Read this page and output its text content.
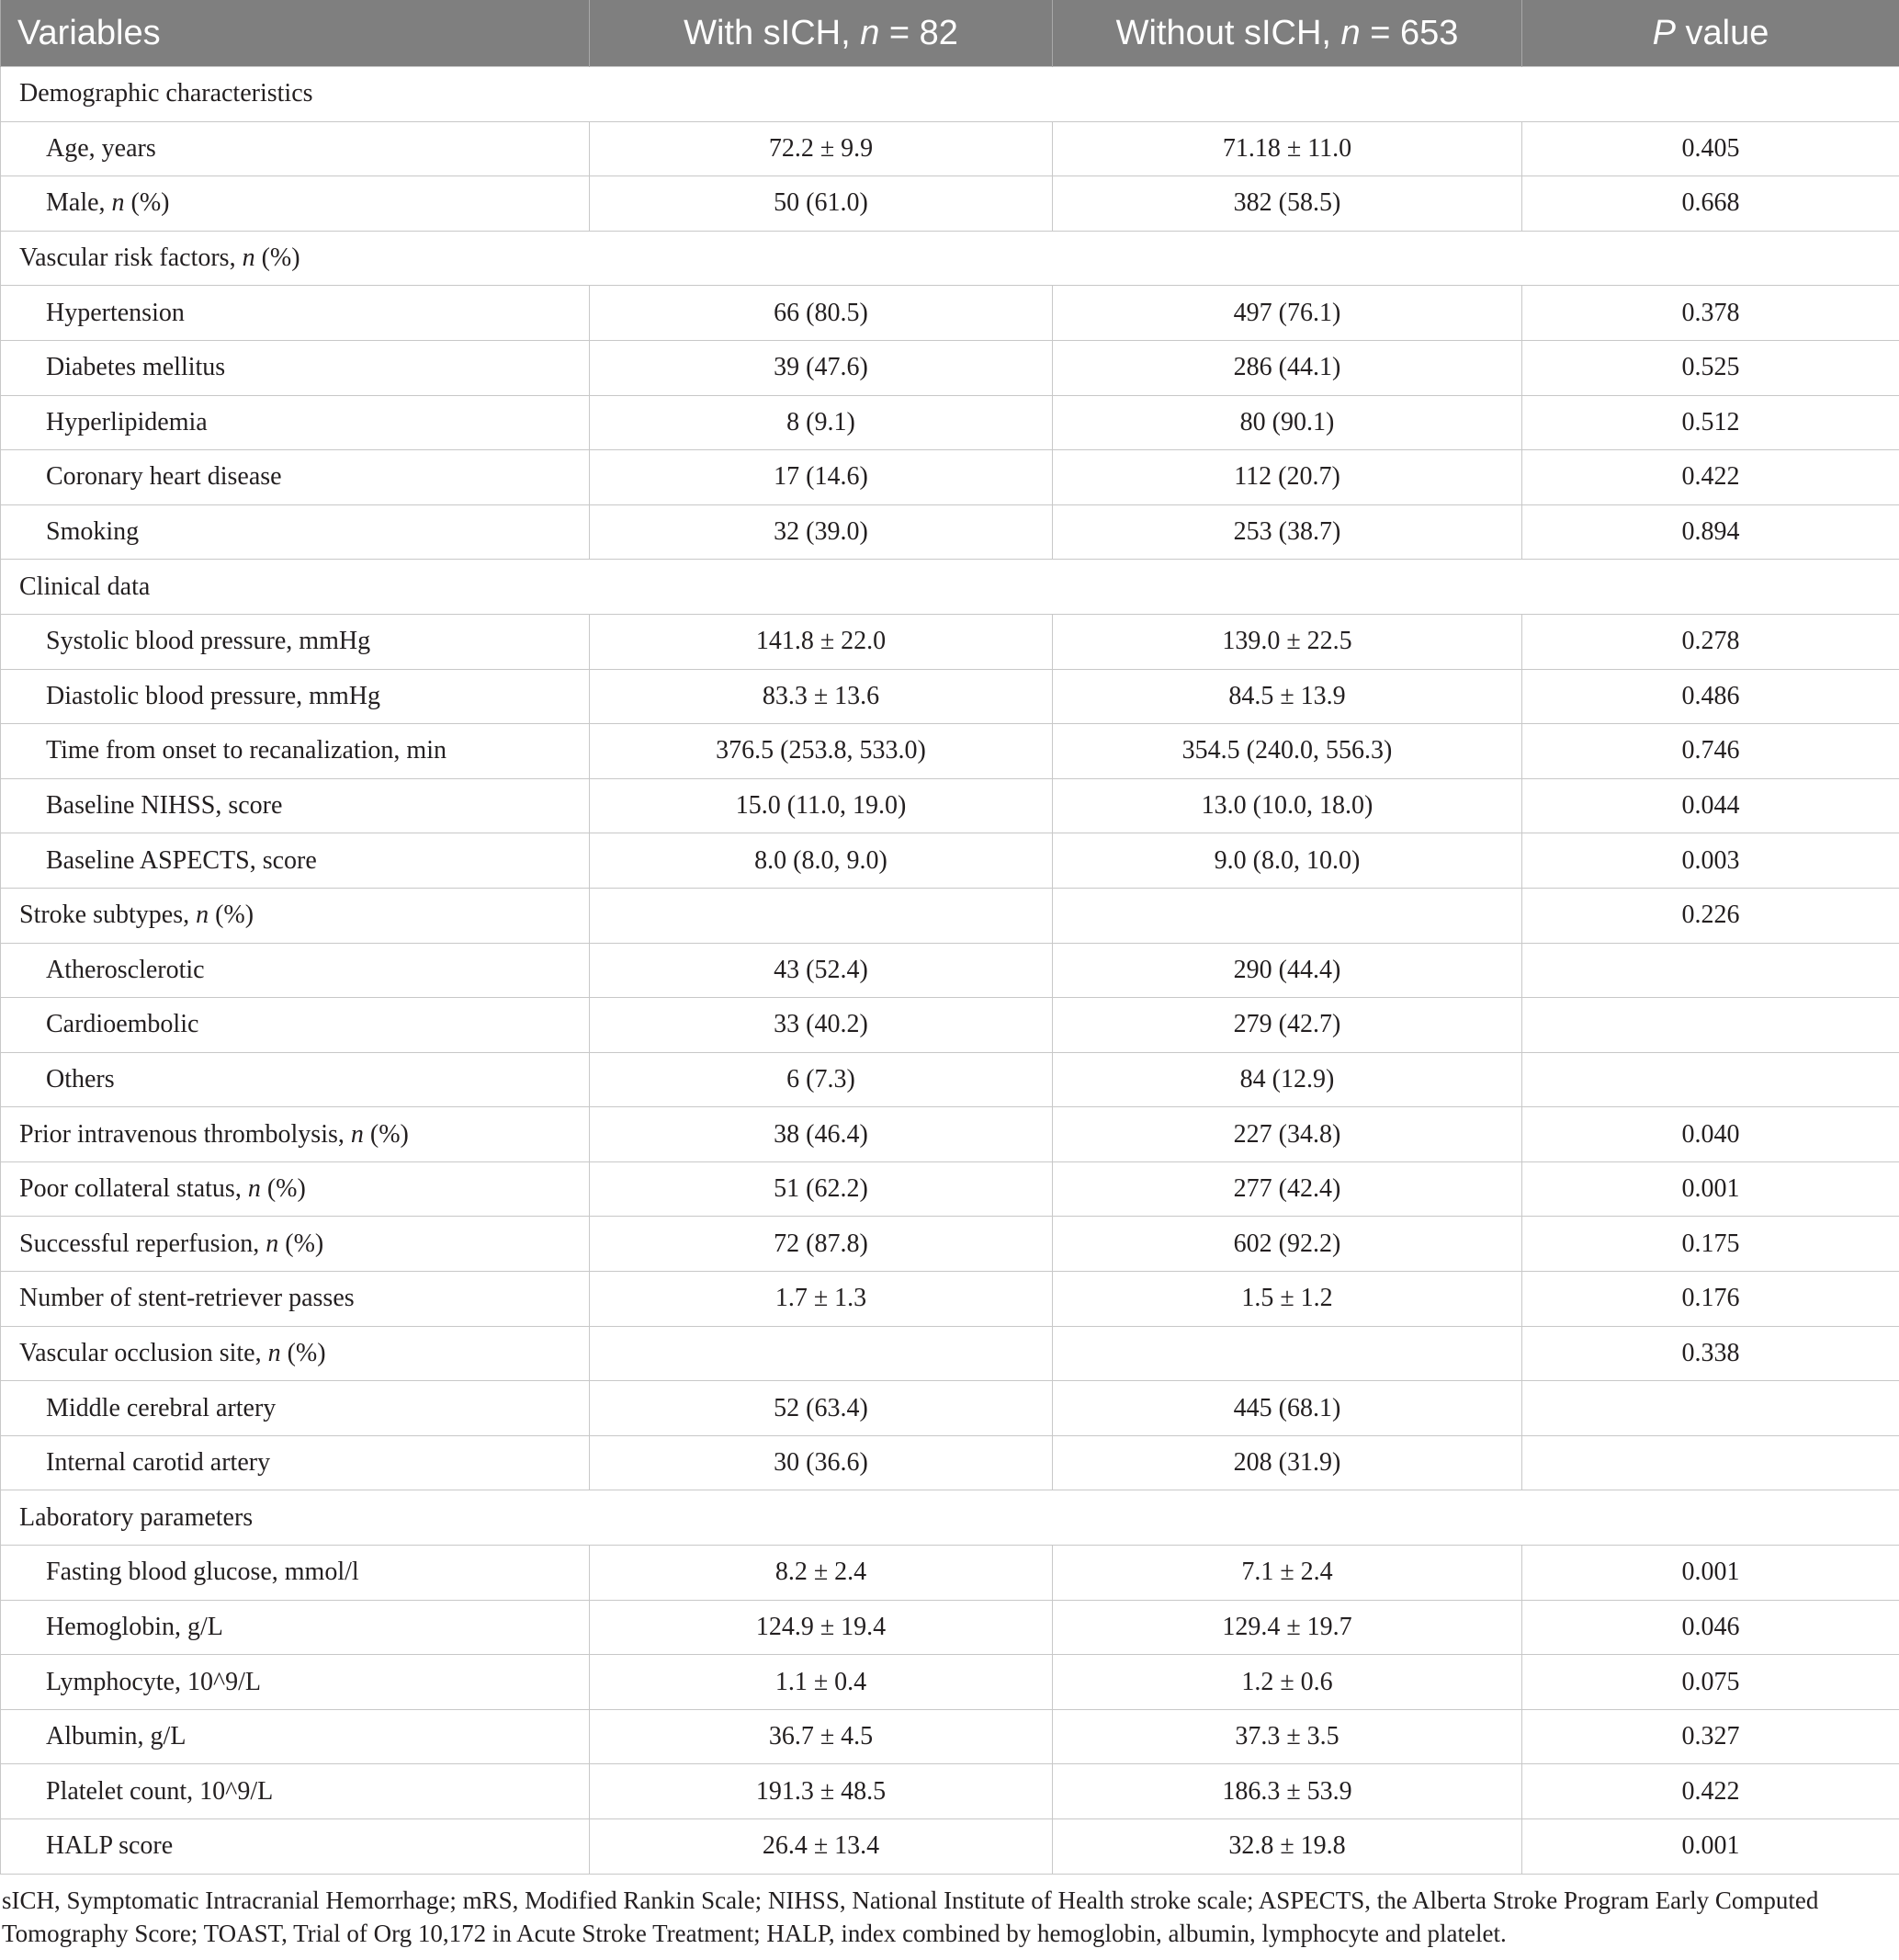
Variables	With sICH, n = 82	Without sICH, n = 653	P value
Demographic characteristics			
Age, years	72.2 ± 9.9	71.18 ± 11.0	0.405
Male, n (%)	50 (61.0)	382 (58.5)	0.668
Vascular risk factors, n (%)			
Hypertension	66 (80.5)	497 (76.1)	0.378
Diabetes mellitus	39 (47.6)	286 (44.1)	0.525
Hyperlipidemia	8 (9.1)	80 (90.1)	0.512
Coronary heart disease	17 (14.6)	112 (20.7)	0.422
Smoking	32 (39.0)	253 (38.7)	0.894
Clinical data			
Systolic blood pressure, mmHg	141.8 ± 22.0	139.0 ± 22.5	0.278
Diastolic blood pressure, mmHg	83.3 ± 13.6	84.5 ± 13.9	0.486
Time from onset to recanalization, min	376.5 (253.8, 533.0)	354.5 (240.0, 556.3)	0.746
Baseline NIHSS, score	15.0 (11.0, 19.0)	13.0 (10.0, 18.0)	0.044
Baseline ASPECTS, score	8.0 (8.0, 9.0)	9.0 (8.0, 10.0)	0.003
Stroke subtypes, n (%)			0.226
Atherosclerotic	43 (52.4)	290 (44.4)	
Cardioembolic	33 (40.2)	279 (42.7)	
Others	6 (7.3)	84 (12.9)	
Prior intravenous thrombolysis, n (%)	38 (46.4)	227 (34.8)	0.040
Poor collateral status, n (%)	51 (62.2)	277 (42.4)	0.001
Successful reperfusion, n (%)	72 (87.8)	602 (92.2)	0.175
Number of stent-retriever passes	1.7 ± 1.3	1.5 ± 1.2	0.176
Vascular occlusion site, n (%)			0.338
Middle cerebral artery	52 (63.4)	445 (68.1)	
Internal carotid artery	30 (36.6)	208 (31.9)	
Laboratory parameters			
Fasting blood glucose, mmol/l	8.2 ± 2.4	7.1 ± 2.4	0.001
Hemoglobin, g/L	124.9 ± 19.4	129.4 ± 19.7	0.046
Lymphocyte, 10^9/L	1.1 ± 0.4	1.2 ± 0.6	0.075
Albumin, g/L	36.7 ± 4.5	37.3 ± 3.5	0.327
Platelet count, 10^9/L	191.3 ± 48.5	186.3 ± 53.9	0.422
HALP score	26.4 ± 13.4	32.8 ± 19.8	0.001
sICH, Symptomatic Intracranial Hemorrhage; mRS, Modified Rankin Scale; NIHSS, National Institute of Health stroke scale; ASPECTS, the Alberta Stroke Program Early Computed Tomography Score; TOAST, Trial of Org 10,172 in Acute Stroke Treatment; HALP, index combined by hemoglobin, albumin, lymphocyte and platelet.
